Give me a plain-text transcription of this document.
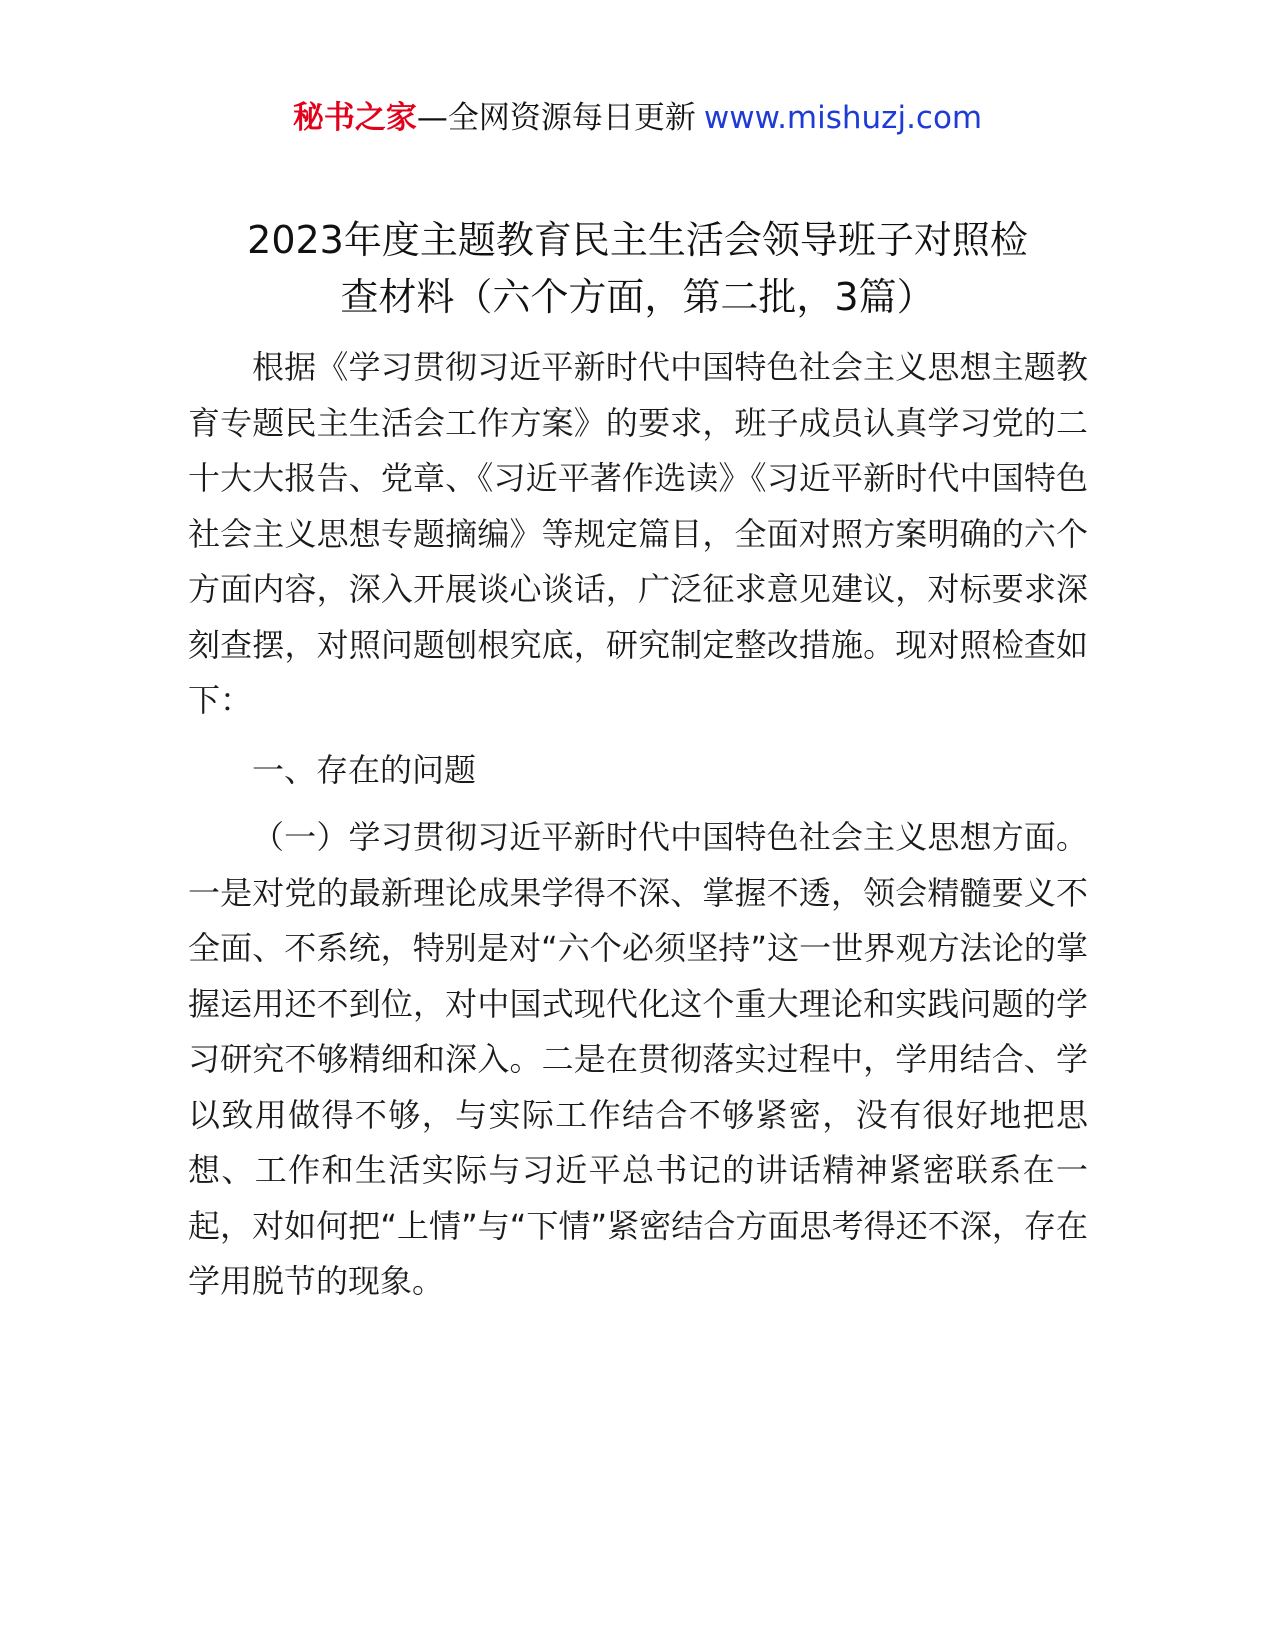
秘书之家—全网资源每日更新 www.mishuzj.com
2023年度主题教育民主生活会领导班子对照检
查材料（六个方面，第二批，3篇）

根据《学习贯彻习近平新时代中国特色社会主义思想主题教育专题民主生活会工作方案》的要求，班子成员认真学习党的二十大大报告、党章、《习近平著作选读》《习近平新时代中国特色社会主义思想专题摘编》等规定篇目，全面对照方案明确的六个方面内容，深入开展谈心谈话，广泛征求意见建议，对标要求深刻查摆，对照问题刨根究底，研究制定整改措施。现对照检查如下：

一、存在的问题

（一）学习贯彻习近平新时代中国特色社会主义思想方面。一是对党的最新理论成果学得不深、掌握不透，领会精髓要义不全面、不系统，特别是对“六个必须坚持”这一世界观方法论的掌握运用还不到位，对中国式现代化这个重大理论和实践问题的学习研究不够精细和深入。二是在贯彻落实过程中，学用结合、学以致用做得不够，与实际工作结合不够紧密，没有很好地把思想、工作和生活实际与习近平总书记的讲话精神紧密联系在一起，对如何把“上情”与“下情”紧密结合方面思考得还不深，存在学用脱节的现象。
